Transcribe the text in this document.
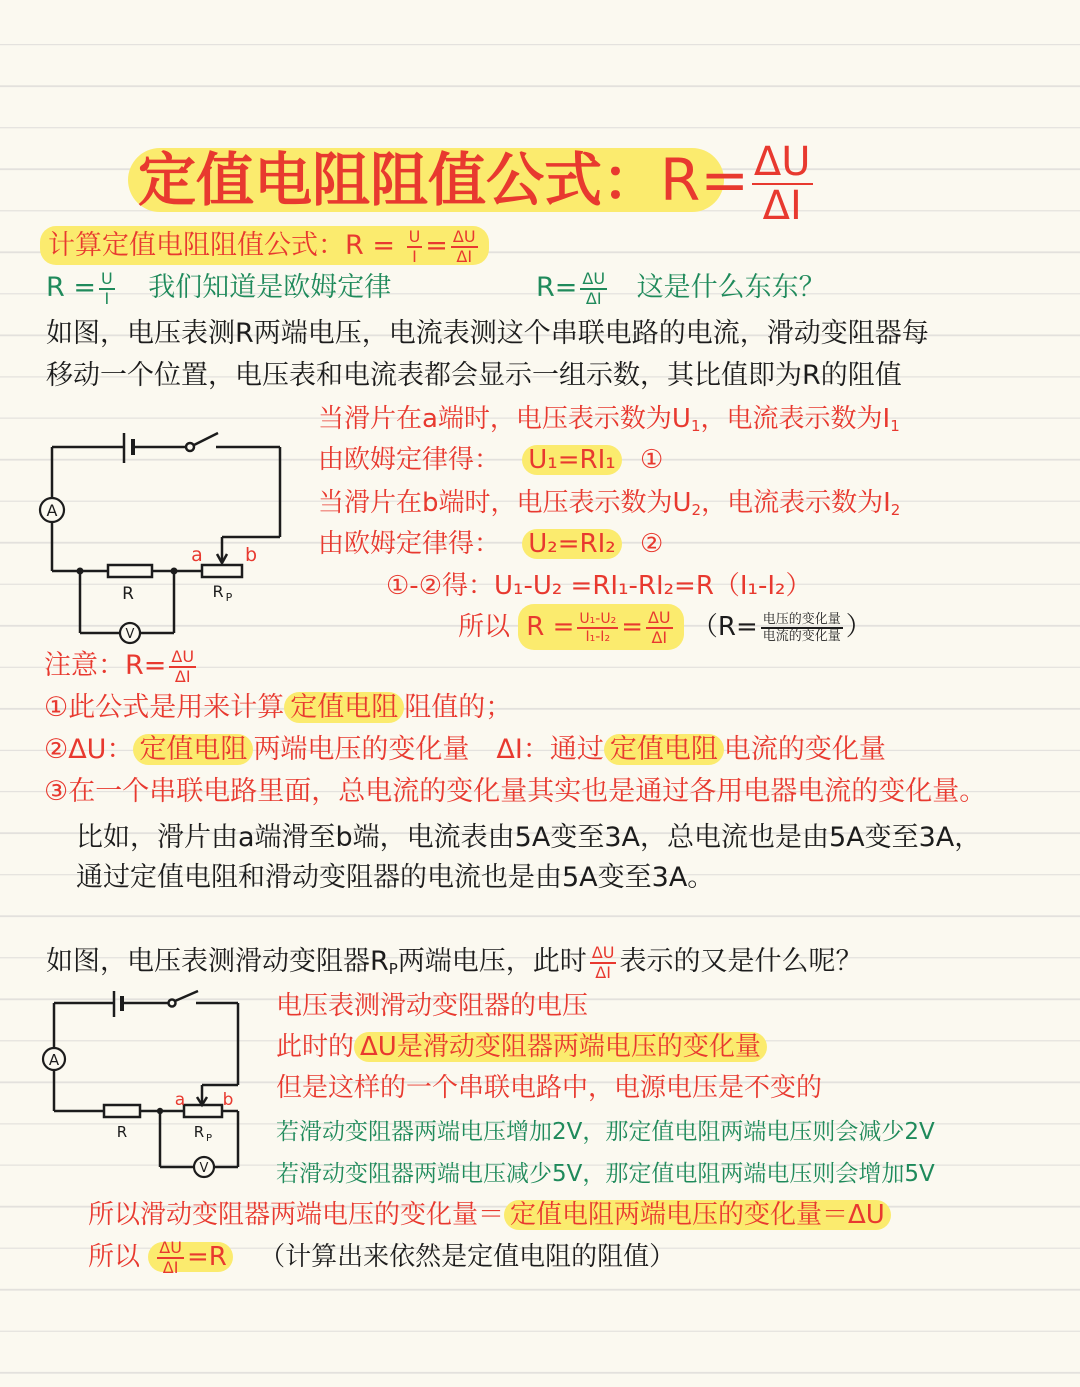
定值电阻阻值公式：$R= \frac{\Delta U}{\Delta I}$
计算定值电阻阻值公式：$R = \frac{U}{I} = \frac{\Delta U}{\Delta I}$
$R = \frac{U}{I}$ 我们知道是欧姆定律	$R= \frac{\Delta U}{\Delta I}$ 这是什么东东？
如图，电压表测R两端电压，电流表测这个串联电路的电流，滑动变阻器每
移动一个位置，电压表和电流表都会显示一组示数，其比值即为R的阻值
A
V
R	R P
a b
当滑片在a端时，电压表示数为$U_1$，电流表示数为$I_1$
由欧姆定律得： U₁=RI₁ ①
当滑片在b端时，电压表示数为$U_2$，电流表示数为$I_2$
由欧姆定律得： U₂=RI₂ ②
①-②得：U₁-U₂ =RI₁-RI₂=R（I₁-I₂）
所以 $R = \frac{\text{U₁-U₂}}{\text{I₁-I₂}} = \frac{\Delta U}{\Delta I} (R= \frac{\text{电压的变化量}}{\text{电流的变化量}}$ ）
注意：$R= \frac{\Delta U}{\Delta I}$
①此公式是用来计算 定值电阻 阻值的；
②ΔU： 定值电阻 两端电压的变化量　ΔI：通过 定值电阻 电流的变化量
③在一个串联电路里面，总电流的变化量其实也是通过各用电器电流的变化量。
比如，滑片由a端滑至b端，电流表由5A变至3A，总电流也是由5A变至3A，
通过定值电阻和滑动变阻器的电流也是由5A变至3A。
如图，电压表测滑动变阻器$R_P$两端电压，此时 $\frac{\Delta U}{\Delta I}$ 表示的又是什么呢？
A
V
R	R P
a b
电压表测滑动变阻器的电压
此时的 ΔU是滑动变阻器两端电压的变化量
但是这样的一个串联电路中，电源电压是不变的
若滑动变阻器两端电压增加2V，那定值电阻两端电压则会减少2V
若滑动变阻器两端电压减少5V，那定值电阻两端电压则会增加5V
所以滑动变阻器两端电压的变化量＝ 定值电阻两端电压的变化量＝ΔU
所以 $\frac{\Delta U}{\Delta I} =R$ （计算出来依然是定值电阻的阻值）
